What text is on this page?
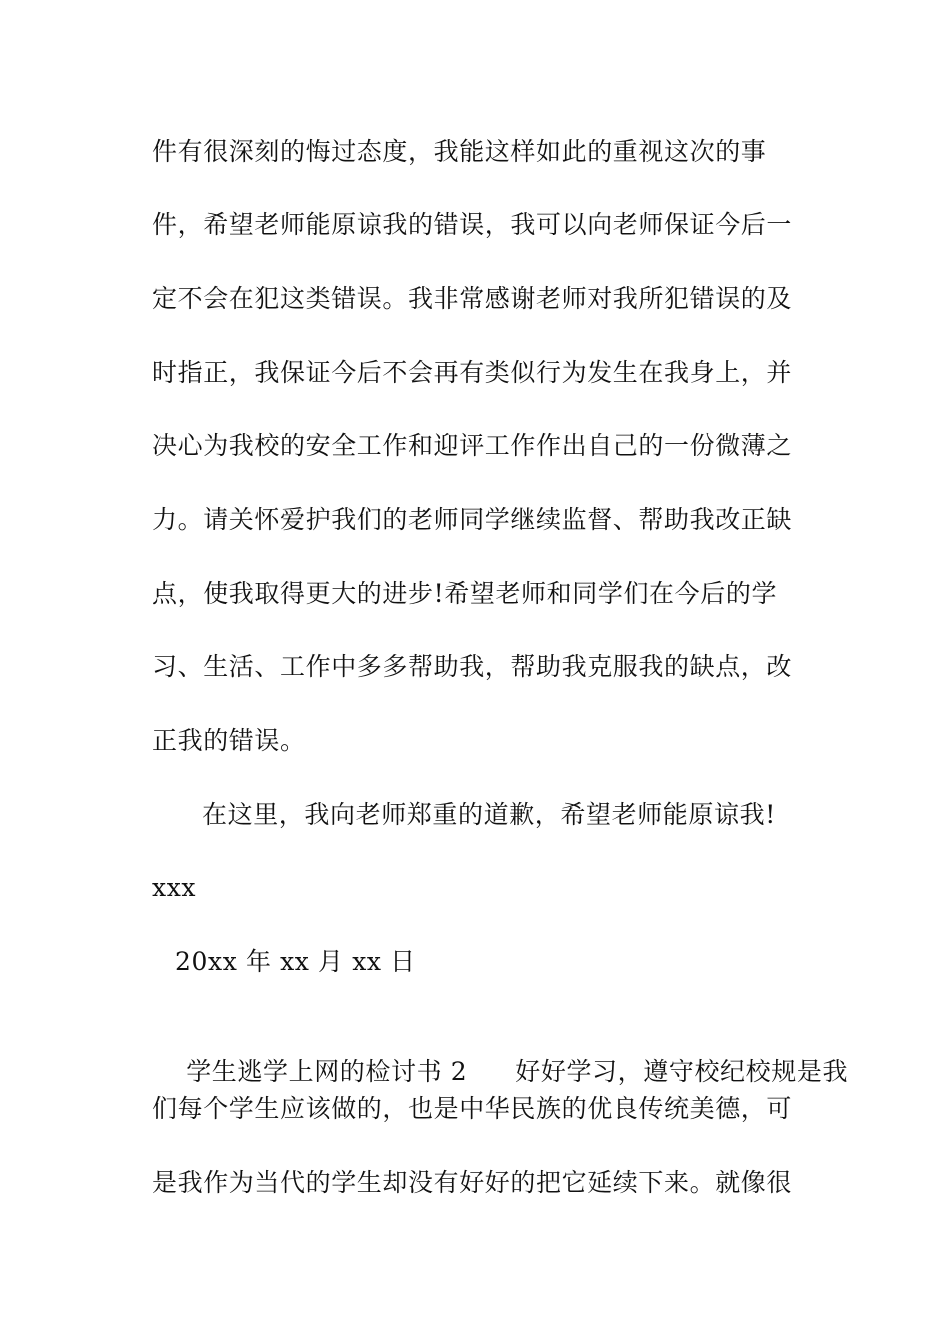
件有很深刻的悔过态度，我能这样如此的重视这次的事
件，希望老师能原谅我的错误，我可以向老师保证今后一
定不会在犯这类错误。我非常感谢老师对我所犯错误的及
时指正，我保证今后不会再有类似行为发生在我身上，并
决心为我校的安全工作和迎评工作作出自己的一份微薄之
力。请关怀爱护我们的老师同学继续监督、帮助我改正缺
点，使我取得更大的进步!希望老师和同学们在今后的学
习、生活、工作中多多帮助我，帮助我克服我的缺点，改
正我的错误。
在这里，我向老师郑重的道歉，希望老师能原谅我!
xxx
20xx 年 xx 月 xx 日

学生逃学上网的检讨书 2 好好学习，遵守校纪校规是我

们每个学生应该做的，也是中华民族的优良传统美德，可
是我作为当代的学生却没有好好的把它延续下来。就像很
